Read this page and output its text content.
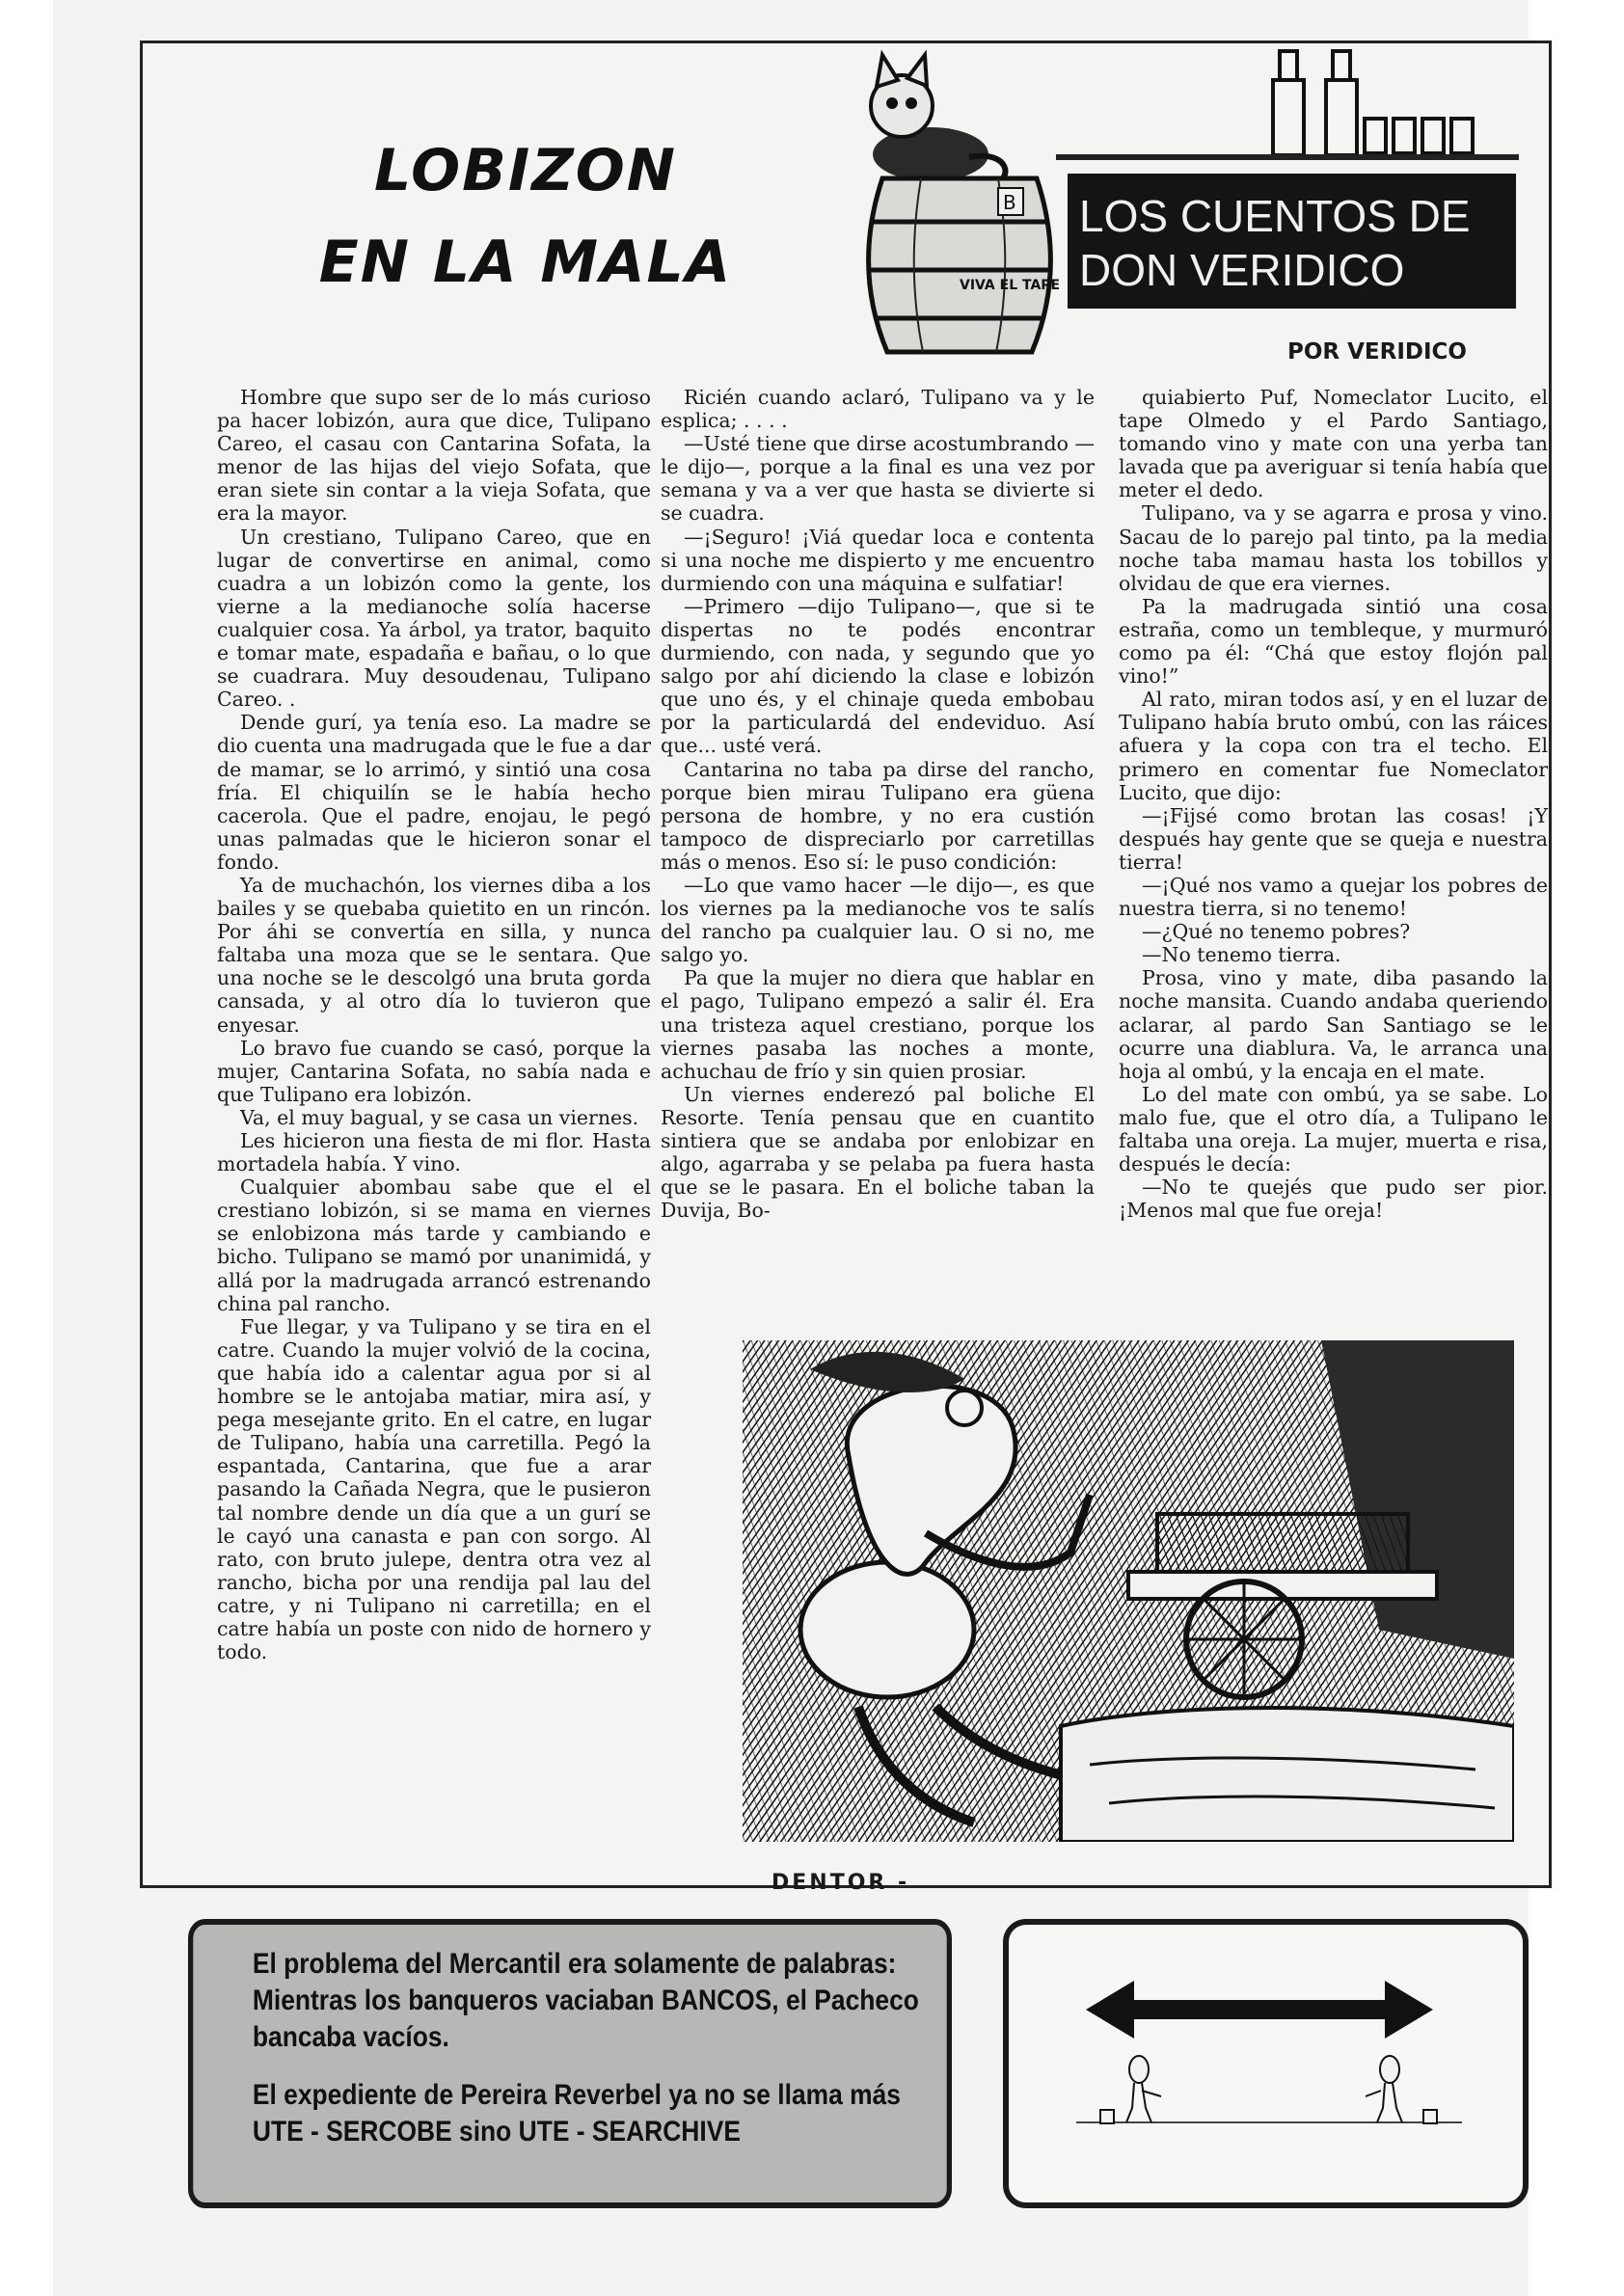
LOBIZON
EN LA MALA	VIVA EL TAPE
B LOS CUENTOS DE
DON VERIDICO
POR VERIDICO

Hombre que supo ser de lo más curioso pa hacer lobizón, aura que dice, Tulipano Careo, el casau con Cantarina Sofata, la menor de las hijas del viejo Sofata, que eran siete sin contar a la vieja Sofata, que era la mayor.

Un crestiano, Tulipano Careo, que en lugar de convertirse en animal, como cuadra a un lobizón como la gente, los vierne a la medianoche solía hacerse cualquier cosa. Ya árbol, ya trator, baquito e tomar mate, espadaña e bañau, o lo que se cuadrara. Muy desoudenau, Tulipano Careo. .

Dende gurí, ya tenía eso. La madre se dio cuenta una madrugada que le fue a dar de mamar, se lo arrimó, y sintió una cosa fría. El chiquilín se le había hecho cacerola. Que el padre, enojau, le pegó unas palmadas que le hicieron sonar el fondo.

Ya de muchachón, los viernes diba a los bailes y se quebaba quietito en un rincón. Por áhi se convertía en silla, y nunca faltaba una moza que se le sentara. Que una noche se le descolgó una bruta gorda cansada, y al otro día lo tuvieron que enyesar.

Lo bravo fue cuando se casó, porque la mujer, Cantarina Sofata, no sabía nada e que Tulipano era lobizón.

Va, el muy bagual, y se casa un viernes.

Les hicieron una fiesta de mi flor. Hasta mortadela había. Y vino.

Cualquier abombau sabe que el el crestiano lobizón, si se mama en viernes se enlobizona más tarde y cambiando e bicho. Tulipano se mamó por unanimidá, y allá por la madrugada arrancó estrenando china pal rancho.

Fue llegar, y va Tulipano y se tira en el catre. Cuando la mujer volvió de la cocina, que había ido a calentar agua por si al hombre se le antojaba matiar, mira así, y pega mesejante grito. En el catre, en lugar de Tulipano, había una carretilla. Pegó la espantada, Cantarina, que fue a arar pasando la Cañada Negra, que le pusieron tal nombre dende un día que a un gurí se le cayó una canasta e pan con sorgo. Al rato, con bruto julepe, dentra otra vez al rancho, bicha por una rendija pal lau del catre, y ni Tulipano ni carretilla; en el catre había un poste con nido de hornero y todo.

Ricién cuando aclaró, Tulipano va y le esplica; . . . .

—Usté tiene que dirse acostumbrando —le dijo—, porque a la final es una vez por semana y va a ver que hasta se divierte si se cuadra.

—¡Seguro! ¡Viá quedar loca e contenta si una noche me dispierto y me encuentro durmiendo con una máquina e sulfatiar!

—Primero —dijo Tulipano—, que si te dispertas no te podés encontrar durmiendo, con nada, y segundo que yo salgo por ahí diciendo la clase e lobizón que uno és, y el chinaje queda embobau por la particulardá del endeviduo. Así que... usté verá.

Cantarina no taba pa dirse del rancho, porque bien mirau Tulipano era güena persona de hombre, y no era custión tampoco de dispreciarlo por carretillas más o menos. Eso sí: le puso condición:

—Lo que vamo hacer —le dijo—, es que los viernes pa la medianoche vos te salís del rancho pa cualquier lau. O si no, me salgo yo.

Pa que la mujer no diera que hablar en el pago, Tulipano empezó a salir él. Era una tristeza aquel crestiano, porque los viernes pasaba las noches a monte, achuchau de frío y sin quien prosiar.

Un viernes enderezó pal boliche El Resorte. Tenía pensau que en cuantito sintiera que se andaba por enlobizar en algo, agarraba y se pelaba pa fuera hasta que se le pasara. En el boliche taban la Duvija, Bo-

quiabierto Puf, Nomeclator Lucito, el tape Olmedo y el Pardo Santiago, tomando vino y mate con una yerba tan lavada que pa averiguar si tenía había que meter el dedo.

Tulipano, va y se agarra e prosa y vino. Sacau de lo parejo pal tinto, pa la media noche taba mamau hasta los tobillos y olvidau de que era viernes.

Pa la madrugada sintió una cosa estraña, como un tembleque, y murmuró como pa él: “Chá que estoy flojón pal vino!”

Al rato, miran todos así, y en el luzar de Tulipano había bruto ombú, con las ráices afuera y la copa con tra el techo. El primero en comentar fue Nomeclator Lucito, que dijo:

—¡Fijsé como brotan las cosas! ¡Y después hay gente que se queja e nuestra tierra!

—¡Qué nos vamo a quejar los pobres de nuestra tierra, si no tenemo!

—¿Qué no tenemo pobres?

—No tenemo tierra.

Prosa, vino y mate, diba pasando la noche mansita. Cuando andaba queriendo aclarar, al pardo San Santiago se le ocurre una diablura. Va, le arranca una hoja al ombú, y la encaja en el mate.

Lo del mate con ombú, ya se sabe. Lo malo fue, que el otro día, a Tulipano le faltaba una oreja. La mujer, muerta e risa, después le decía:

—No te quejés que pudo ser pior. ¡Menos mal que fue oreja!

DENTOR -

El problema del Mercantil era solamente de palabras: Mientras los banqueros vaciaban BANCOS, el Pacheco bancaba vacíos.

El expediente de Pereira Reverbel ya no se llama más UTE - SERCOBE sino UTE - SEARCHIVE
